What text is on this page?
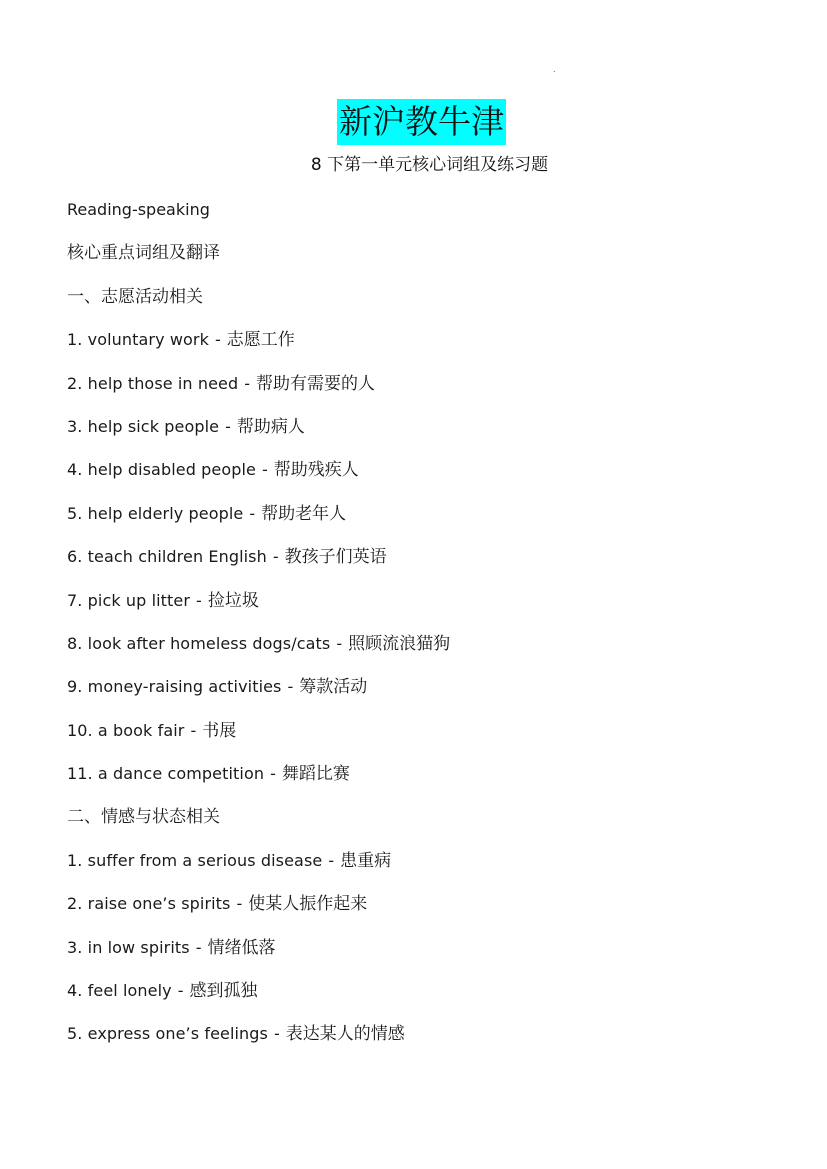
.
新沪教牛津
8 下第一单元核心词组及练习题
Reading-speaking
核心重点词组及翻译
一、志愿活动相关
1. voluntary work - 志愿工作
2. help those in need - 帮助有需要的人
3. help sick people - 帮助病人
4. help disabled people - 帮助残疾人
5. help elderly people - 帮助老年人
6. teach children English - 教孩子们英语
7. pick up litter - 捡垃圾
8. look after homeless dogs/cats - 照顾流浪猫狗
9. money-raising activities - 筹款活动
10. a book fair - 书展
11. a dance competition - 舞蹈比赛
二、情感与状态相关
1. suffer from a serious disease - 患重病
2. raise one’s spirits - 使某人振作起来
3. in low spirits - 情绪低落
4. feel lonely - 感到孤独
5. express one’s feelings - 表达某人的情感
